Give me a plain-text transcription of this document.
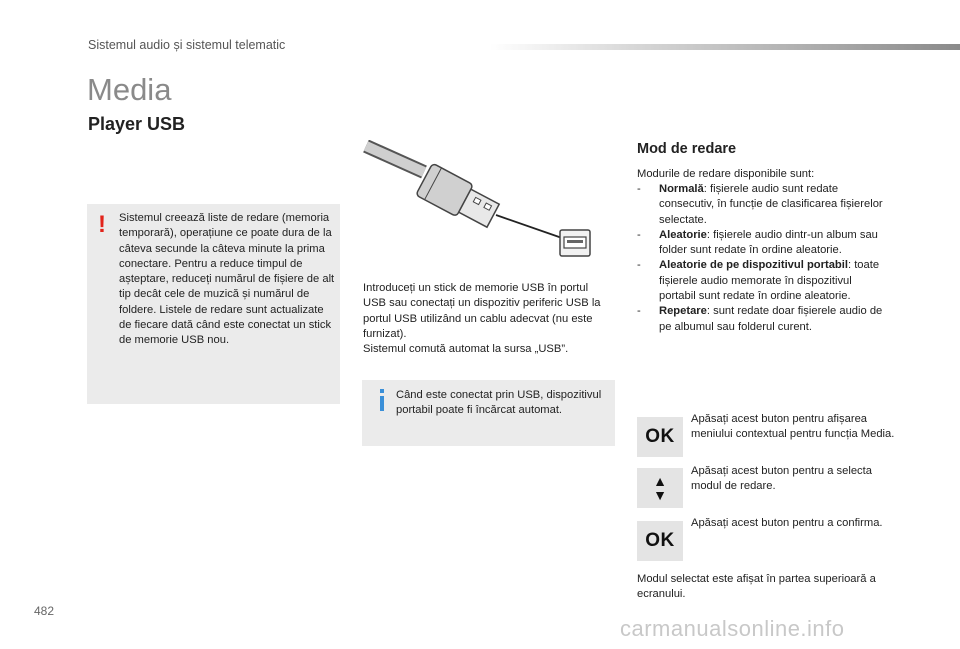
Sistemul audio și sistemul telematic
Media
Player USB
! Sistemul creează liste de redare (memoria temporară), operațiune ce poate dura de la câteva secunde la câteva minute la prima conectare. Pentru a reduce timpul de așteptare, reduceți numărul de fișiere de alt tip decât cele de muzică și numărul de foldere. Listele de redare sunt actualizate de fiecare dată când este conectat un stick de memorie USB nou.
Introduceți un stick de memorie USB în portul USB sau conectați un dispozitiv periferic USB la portul USB utilizând un cablu adecvat (nu este furnizat).
Sistemul comută automat la sursa „USB”.
Când este conectat prin USB, dispozitivul portabil poate fi încărcat automat.
Mod de redare
Modurile de redare disponibile sunt:
- Normală: fișierele audio sunt redate consecutiv, în funcție de clasificarea fișierelor selectate.
- Aleatorie: fișierele audio dintr-un album sau folder sunt redate în ordine aleatorie.
- Aleatorie de pe dispozitivul portabil: toate fișierele audio memorate în dispozitivul portabil sunt redate în ordine aleatorie.
- Repetare: sunt redate doar fișierele audio de pe albumul sau folderul curent.
OK
Apăsați acest buton pentru afișarea meniului contextual pentru funcția Media.
▲
▼
Apăsați acest buton pentru a selecta modul de redare.
OK
Apăsați acest buton pentru a confirma.
Modul selectat este afișat în partea superioară a ecranului.
482
carmanualsonline.info
